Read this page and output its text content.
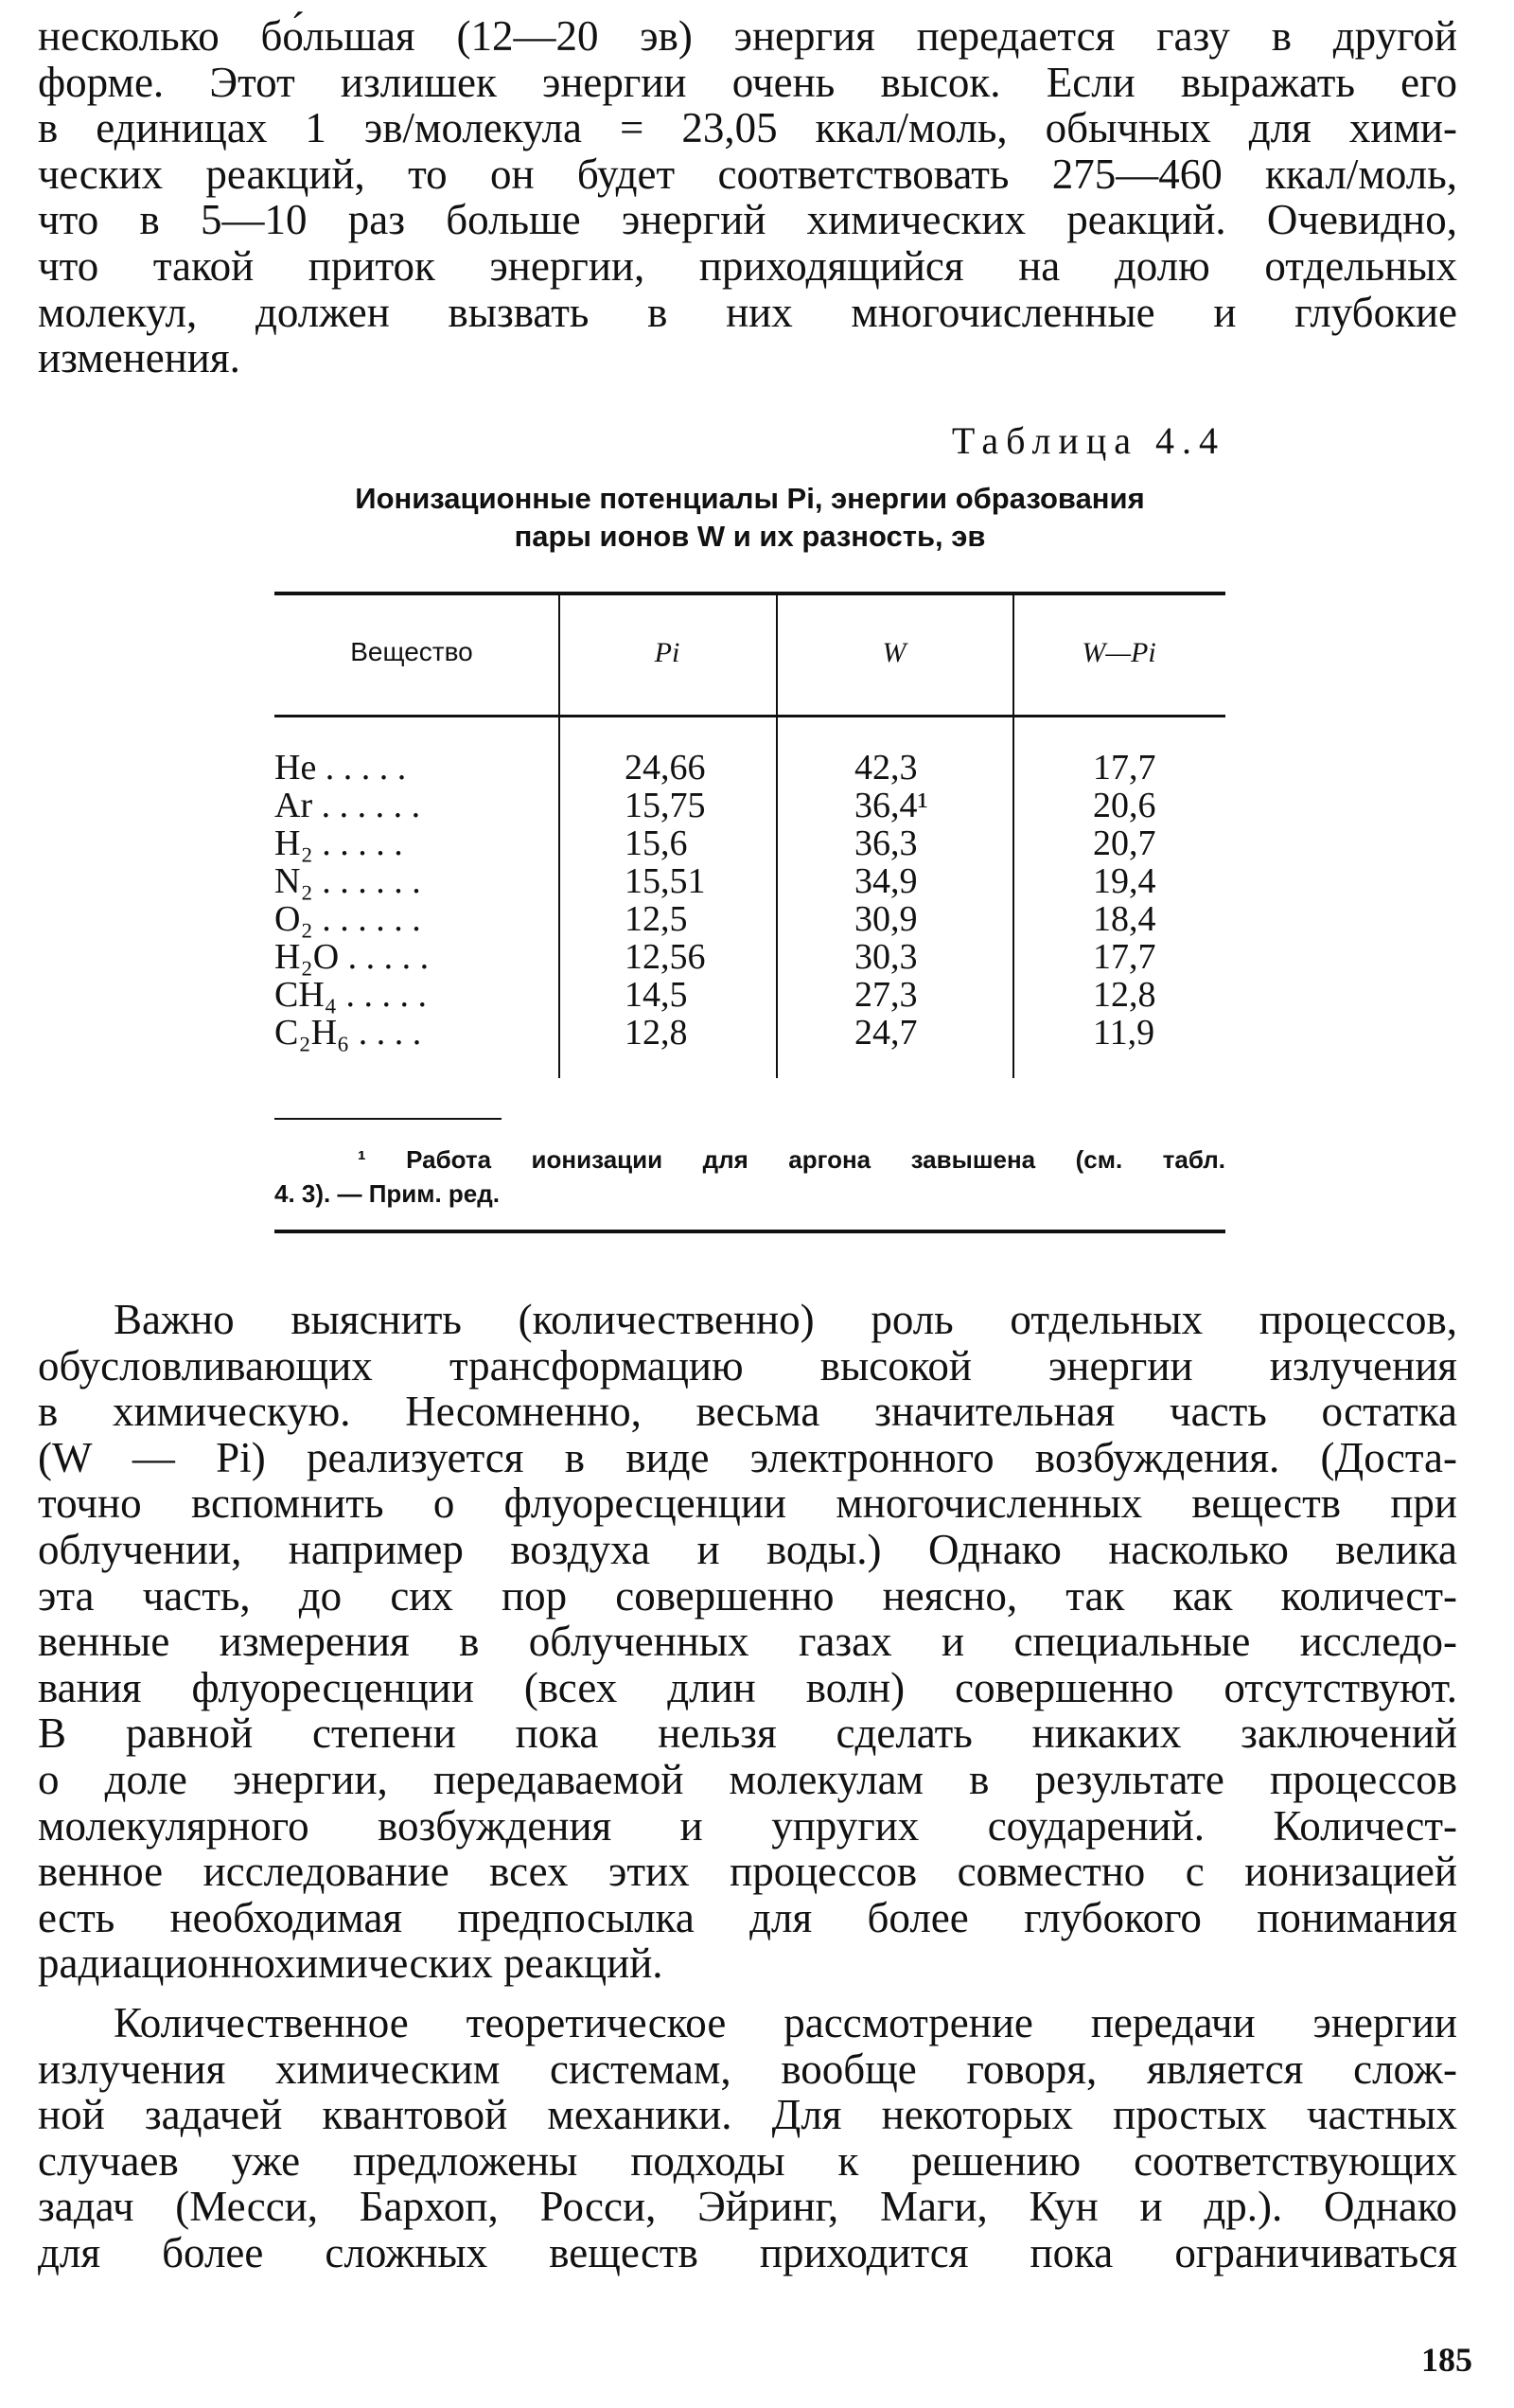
несколько бо́льшая (12—20 эв) энергия передается газу в другой
форме. Этот излишек энергии очень высок. Если выражать его
в единицах 1 эв/молекула = 23,05 ккал/моль, обычных для хими-
ческих реакций, то он будет соответствовать 275—460 ккал/моль,
что в 5—10 раз больше энергий химических реакций. Очевидно,
что такой приток энергии, приходящийся на долю отдельных
молекул, должен вызвать в них многочисленные и глубокие
изменения.

Таблица 4.4

Ионизационные потенциалы Pi, энергии образования
пары ионов W и их разность, эв

Вещество	Pi	W	W—Pi
He . . . . .	24,66	42,3	17,7
Ar . . . . . .	15,75	36,4¹	20,6
H₂ . . . . .	15,6	36,3	20,7
N₂ . . . . . .	15,51	34,9	19,4
O₂ . . . . . .	12,5	30,9	18,4
H₂O . . . . .	12,56	30,3	17,7
CH₄ . . . . .	14,5	27,3	12,8
C₂H₆ . . . .	12,8	24,7	11,9
¹ Работа ионизации для аргона завышена (см. табл.
4. 3). — Прим. ред.
Важно выяснить (количественно) роль отдельных процессов,
обусловливающих трансформацию высокой энергии излучения
в химическую. Несомненно, весьма значительная часть остатка
(W — Pi) реализуется в виде электронного возбуждения. (Доста-
точно вспомнить о флуоресценции многочисленных веществ при
облучении, например воздуха и воды.) Однако насколько велика
эта часть, до сих пор совершенно неясно, так как количест-
венные измерения в облученных газах и специальные исследо-
вания флуоресценции (всех длин волн) совершенно отсутствуют.
В равной степени пока нельзя сделать никаких заключений
о доле энергии, передаваемой молекулам в результате процессов
молекулярного возбуждения и упругих соударений. Количест-
венное исследование всех этих процессов совместно с ионизацией
есть необходимая предпосылка для более глубокого понимания
радиационнохимических реакций.
Количественное теоретическое рассмотрение передачи энергии
излучения химическим системам, вообще говоря, является слож-
ной задачей квантовой механики. Для некоторых простых частных
случаев уже предложены подходы к решению соответствующих
задач (Месси, Бархоп, Росси, Эйринг, Маги, Кун и др.). Однако
для более сложных веществ приходится пока ограничиваться
185
